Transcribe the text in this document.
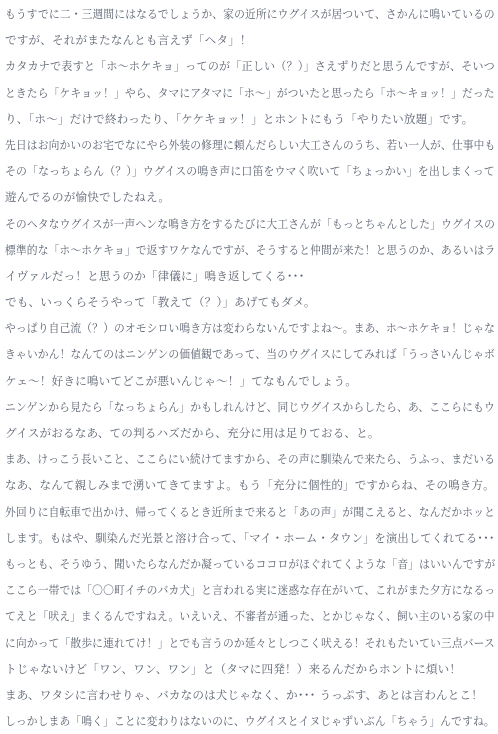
もうすでに二・三週間にはなるでしょうか、家の近所にウグイスが居ついて、さかんに鳴いているの
ですが、それがまたなんとも言えず「ヘタ」！
カタカナで表すと「ホ〜ホケキョ」ってのが「正しい（？）」さえずりだと思うんですが、そいつ
ときたら「ケキョッ！」やら、タマにアタマに「ホ〜」がついたと思ったら「ホ〜キョッ！」だった
り、「ホ〜」だけで終わったり、「ケケキョッ！」とホントにもう「やりたい放題」です。
先日はお向かいのお宅でなにやら外装の修理に頼んだらしい大工さんのうち、若い一人が、仕事中も
その「なっちょらん（？）」ウグイスの鳴き声に口笛をウマく吹いて「ちょっかい」を出しまくって
遊んでるのが愉快でしたねえ。
そのヘタなウグイスが一声ヘンな鳴き方をするたびに大工さんが「もっとちゃんとした」ウグイスの
標準的な「ホ〜ホケキョ」で返すワケなんですが、そうすると仲間が来た！と思うのか、あるいはラ
イヴァルだっ！と思うのか「律儀に」鳴き返してくる･･･
でも、いっくらそうやって「教えて（？）」あげてもダメ。
やっぱり自己流（？）のオモシロい鳴き方は変わらないんですよね〜。まあ、ホ〜ホケキョ！じゃな
きゃいかん！なんてのはニンゲンの価値観であって、当のウグイスにしてみれば「うっさいんじゃボ
ケェ〜！好きに鳴いてどこが悪いんじゃ〜！」てなもんでしょう。
ニンゲンから見たら「なっちょらん」かもしれんけど、同じウグイスからしたら、あ、ここらにもウ
グイスがおるなあ、ての判るハズだから、充分に用は足りておる、と。
まあ、けっこう長いこと、ここらにい続けてますから、その声に馴染んで来たら、うふっ、まだいる
なあ、なんて親しみまで湧いてきてますよ。もう「充分に個性的」ですからね、その鳴き方。
外回りに自転車で出かけ、帰ってくるとき近所まで来ると「あの声」が聞こえると、なんだかホッと
します。もはや、馴染んだ光景と溶け合って、「マイ・ホーム・タウン」を演出してくれてる･･･
もっとも、そうゆう、聞いたらなんだか凝っているココロがほぐれてくような「音」はいいんですが
ここら一帯では「〇〇町イチのバカ犬」と言われる実に迷惑な存在がいて、これがまた夕方になるっ
てえと「吠え」まくるんですねえ。いえいえ、不審者が通った、とかじゃなく、飼い主のいる家の中
に向かって「散歩に連れてけ！」とでも言うのか延々としつこく吠える！それもたいてい三点バース
トじゃないけど「ワン、ワン、ワン」と（タマに四発！）来るんだからホントに煩い！
まあ、ワタシに言わせりゃ、バカなのは犬じゃなく、か･･･ うっぷす、あとは言わんとこ！
しっかしまあ「鳴く」ことに変わりはないのに、ウグイスとイヌじゃずいぶん「ちゃう」んですね。
